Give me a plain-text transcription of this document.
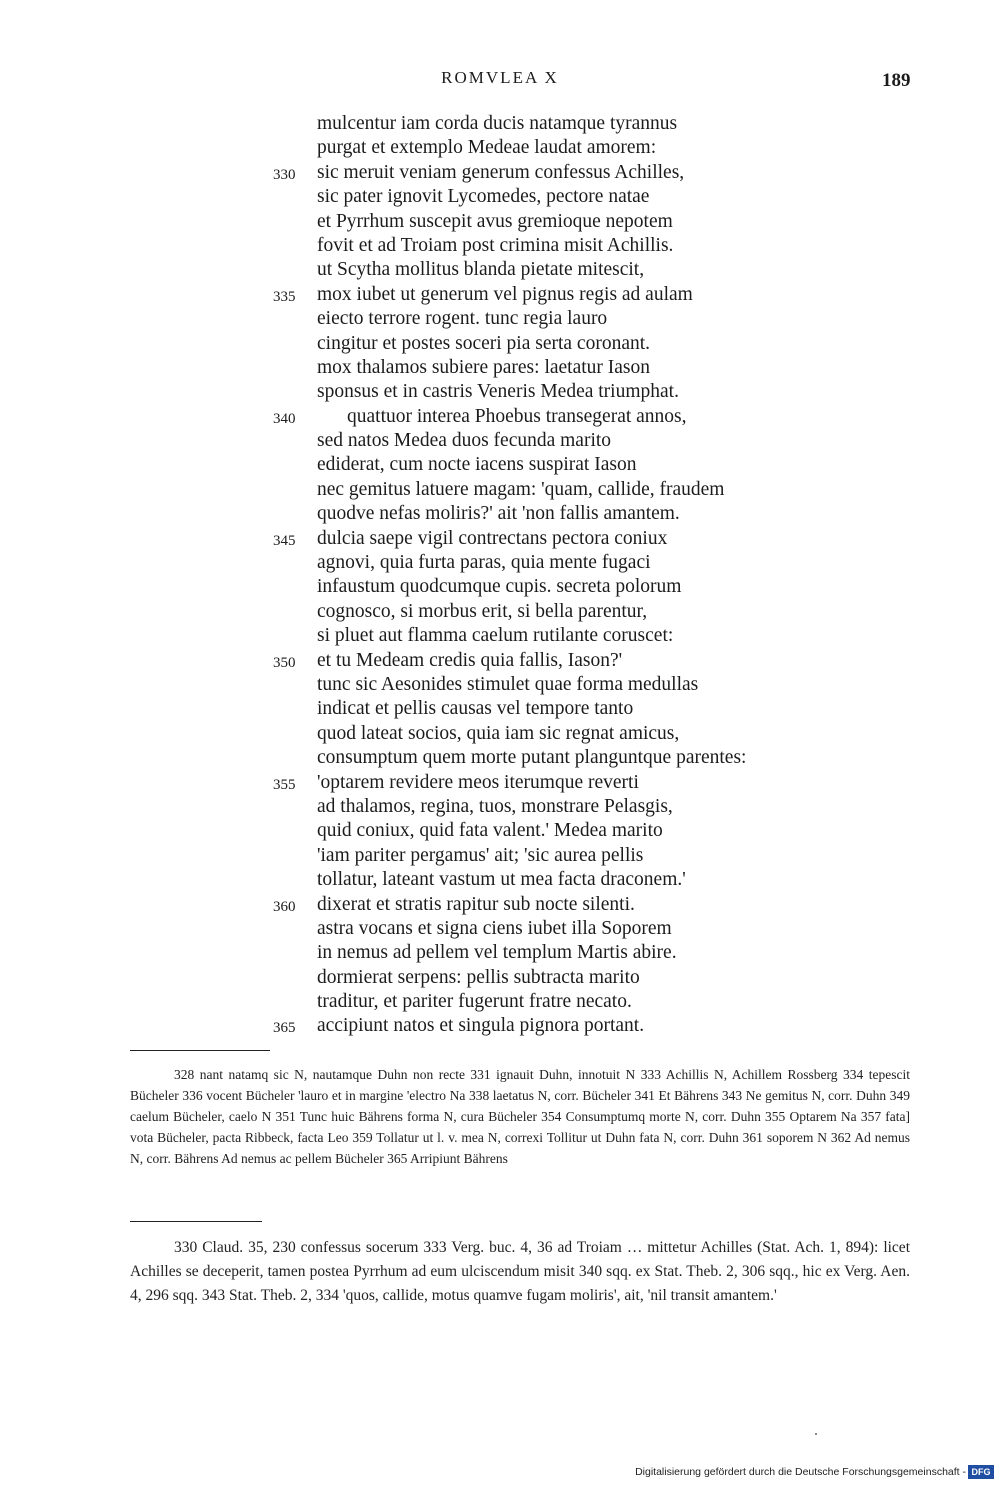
ROMVLEA X	189
mulcentur iam corda ducis natamque tyrannus
purgat et extemplo Medeae laudat amorem:
330 sic meruit veniam generum confessus Achilles,
sic pater ignovit Lycomedes, pectore natae
et Pyrrhum suscepit avus gremioque nepotem
fovit et ad Troiam post crimina misit Achillis.
ut Scytha mollitus blanda pietate mitescit,
335 mox iubet ut generum vel pignus regis ad aulam
eiecto terrore rogent. tunc regia lauro
cingitur et postes soceri pia serta coronant.
mox thalamos subiere pares: laetatur Iason
sponsus et in castris Veneris Medea triumphat.
340	quattuor interea Phoebus transegerat annos,
sed natos Medea duos fecunda marito
ediderat, cum nocte iacens suspirat Iason
nec gemitus latuere magam: 'quam, callide, fraudem
quodve nefas moliris?' ait 'non fallis amantem.
345 dulcia saepe vigil contrectans pectora coniux
agnovi, quia furta paras, quia mente fugaci
infaustum quodcumque cupis. secreta polorum
cognosco, si morbus erit, si bella parentur,
si pluet aut flamma caelum rutilante coruscet:
350 et tu Medeam credis quia fallis, Iason?'
tunc sic Aesonides stimulet quae forma medullas
indicat et pellis causas vel tempore tanto
quod lateat socios, quia iam sic regnat amicus,
consumptum quem morte putant planguntque parentes:
355 'optarem revidere meos iterumque reverti
ad thalamos, regina, tuos, monstrare Pelasgis,
quid coniux, quid fata valent.' Medea marito
'iam pariter pergamus' ait; 'sic aurea pellis
tollatur, lateant vastum ut mea facta draconem.'
360 dixerat et stratis rapitur sub nocte silenti.
astra vocans et signa ciens iubet illa Soporem
in nemus ad pellem vel templum Martis abire.
dormierat serpens: pellis subtracta marito
traditur, et pariter fugerunt fratre necato.
365 accipiunt natos et singula pignora portant.

328 nant natamq sic N, nautamque Duhn non recte 331 ignauit Duhn, innotuit N 333 Achillis N, Achillem Rossberg 334 tepescit Bücheler 336 vocent Bücheler 'lauro et in margine 'electro Na 338 laetatus N, corr. Bücheler 341 Et Bährens 343 Ne gemitus N, corr. Duhn 349 caelum Bücheler, caelo N 351 Tunc huic Bährens forma N, cura Bücheler 354 Consumptumq morte N, corr. Duhn 355 Optarem Na 357 fata] vota Bücheler, pacta Ribbeck, facta Leo 359 Tollatur ut l. v. mea N, correxi Tollitur ut Duhn fata N, corr. Duhn 361 soporem N 362 Ad nemus N, corr. Bährens Ad nemus ac pellem Bücheler 365 Arripiunt Bährens

330 Claud. 35, 230 confessus socerum 333 Verg. buc. 4, 36 ad Troiam … mittetur Achilles (Stat. Ach. 1, 894): licet Achilles se deceperit, tamen postea Pyrrhum ad eum ulciscendum misit 340 sqq. ex Stat. Theb. 2, 306 sqq., hic ex Verg. Aen. 4, 296 sqq. 343 Stat. Theb. 2, 334 'quos, callide, motus quamve fugam moliris', ait, 'nil transit amantem.'

Digitalisierung gefördert durch die Deutsche Forschungsgemeinschaft - DFG
